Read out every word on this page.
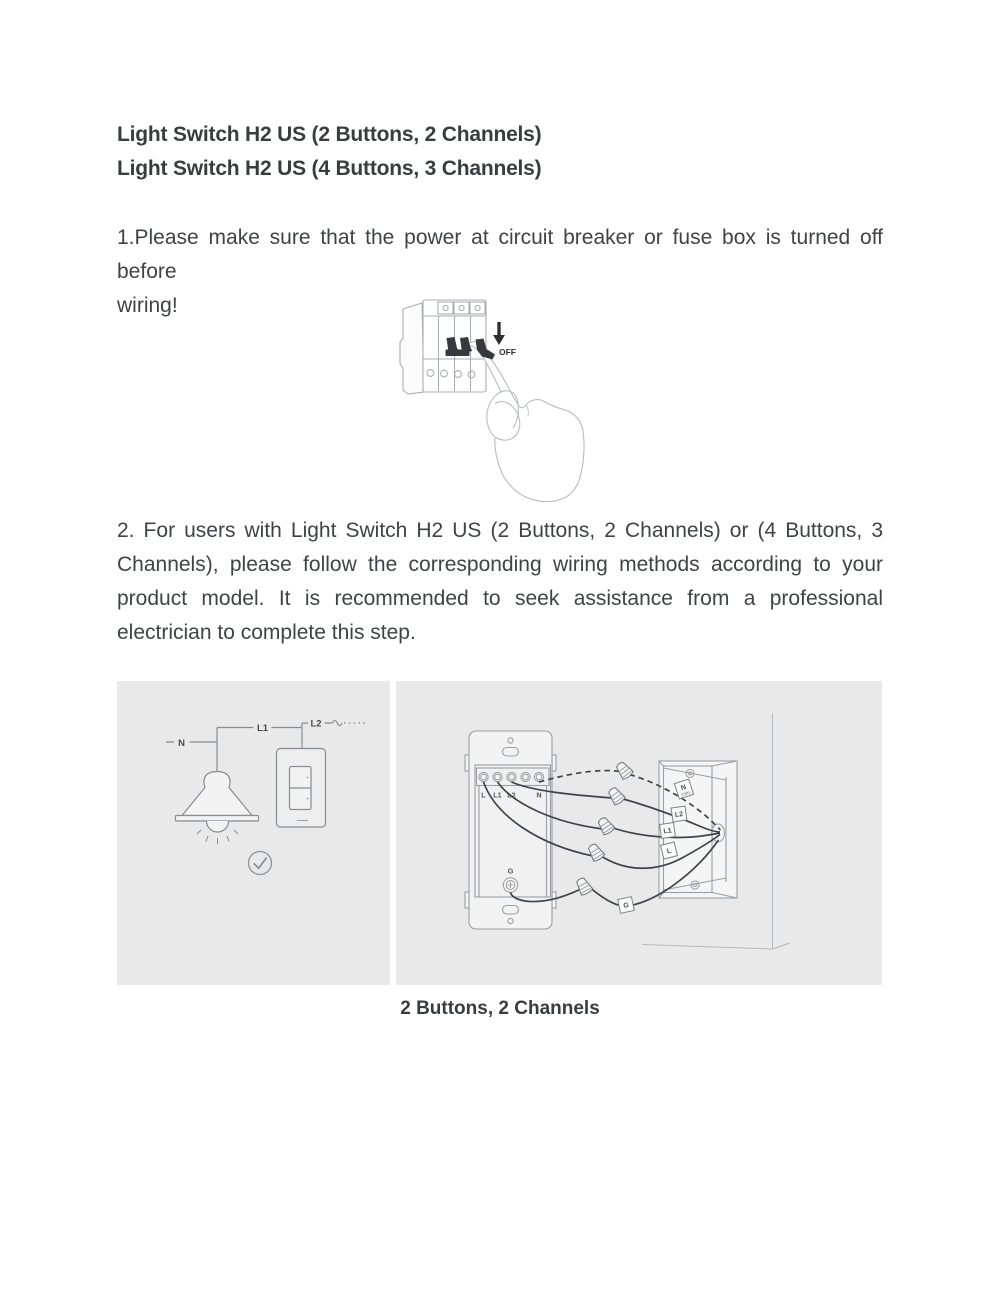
Light Switch H2 US (2 Buttons, 2 Channels)
Light Switch H2 US (4 Buttons, 3 Channels)
1.Please make sure that the power at circuit breaker or fuse box is turned off before
wiring!
OFF
2. For users with Light Switch H2 US (2 Buttons, 2 Channels) or (4 Buttons, 3
Channels), please follow the corresponding wiring methods according to your
product model. It is recommended to seek assistance from a professional
electrician to complete this step.
N
L1	L2
L L1 L2	N
G
N
(Opt)
L2
L1
L
G
2 Buttons, 2 Channels
